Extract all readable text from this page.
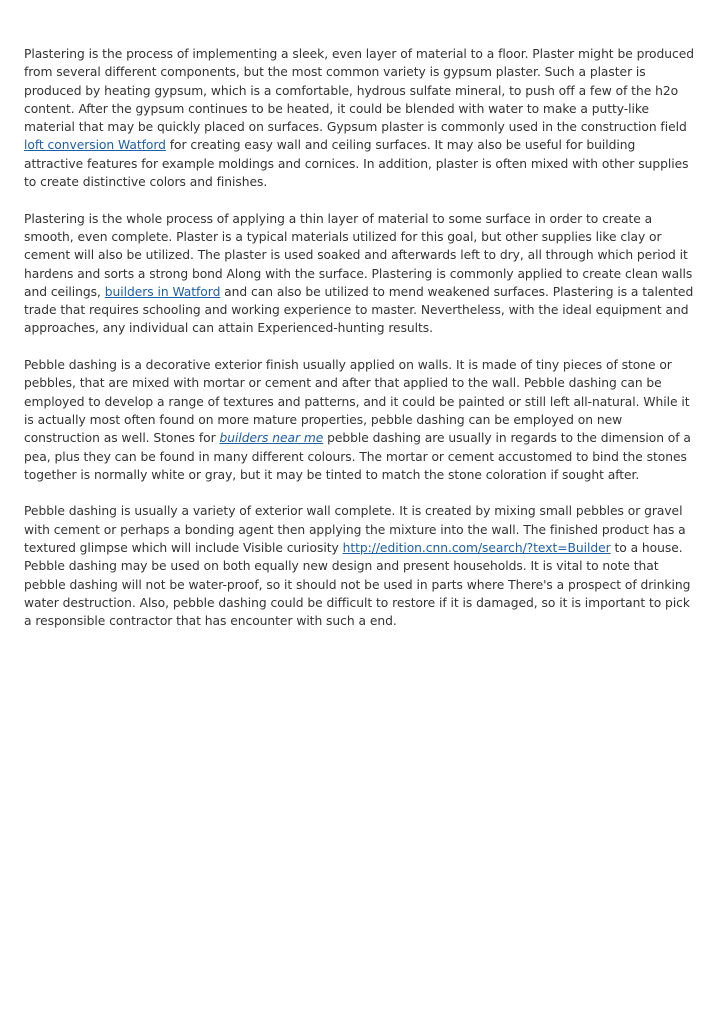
Plastering is the process of implementing a sleek, even layer of material to a floor. Plaster might be produced from several different components, but the most common variety is gypsum plaster. Such a plaster is produced by heating gypsum, which is a comfortable, hydrous sulfate mineral, to push off a few of the h2o content. After the gypsum continues to be heated, it could be blended with water to make a putty-like material that may be quickly placed on surfaces. Gypsum plaster is commonly used in the construction field loft conversion Watford for creating easy wall and ceiling surfaces. It may also be useful for building attractive features for example moldings and cornices. In addition, plaster is often mixed with other supplies to create distinctive colors and finishes.

Plastering is the whole process of applying a thin layer of material to some surface in order to create a smooth, even complete. Plaster is a typical materials utilized for this goal, but other supplies like clay or cement will also be utilized. The plaster is used soaked and afterwards left to dry, all through which period it hardens and sorts a strong bond Along with the surface. Plastering is commonly applied to create clean walls and ceilings, builders in Watford and can also be utilized to mend weakened surfaces. Plastering is a talented trade that requires schooling and working experience to master. Nevertheless, with the ideal equipment and approaches, any individual can attain Experienced-hunting results.

Pebble dashing is a decorative exterior finish usually applied on walls. It is made of tiny pieces of stone or pebbles, that are mixed with mortar or cement and after that applied to the wall. Pebble dashing can be employed to develop a range of textures and patterns, and it could be painted or still left all-natural. While it is actually most often found on more mature properties, pebble dashing can be employed on new construction as well. Stones for builders near me pebble dashing are usually in regards to the dimension of a pea, plus they can be found in many different colours. The mortar or cement accustomed to bind the stones together is normally white or gray, but it may be tinted to match the stone coloration if sought after.

Pebble dashing is usually a variety of exterior wall complete. It is created by mixing small pebbles or gravel with cement or perhaps a bonding agent then applying the mixture into the wall. The finished product has a textured glimpse which will include Visible curiosity http://edition.cnn.com/search/?text=Builder to a house. Pebble dashing may be used on both equally new design and present households. It is vital to note that pebble dashing will not be water-proof, so it should not be used in parts where There's a prospect of drinking water destruction. Also, pebble dashing could be difficult to restore if it is damaged, so it is important to pick a responsible contractor that has encounter with such a end.
